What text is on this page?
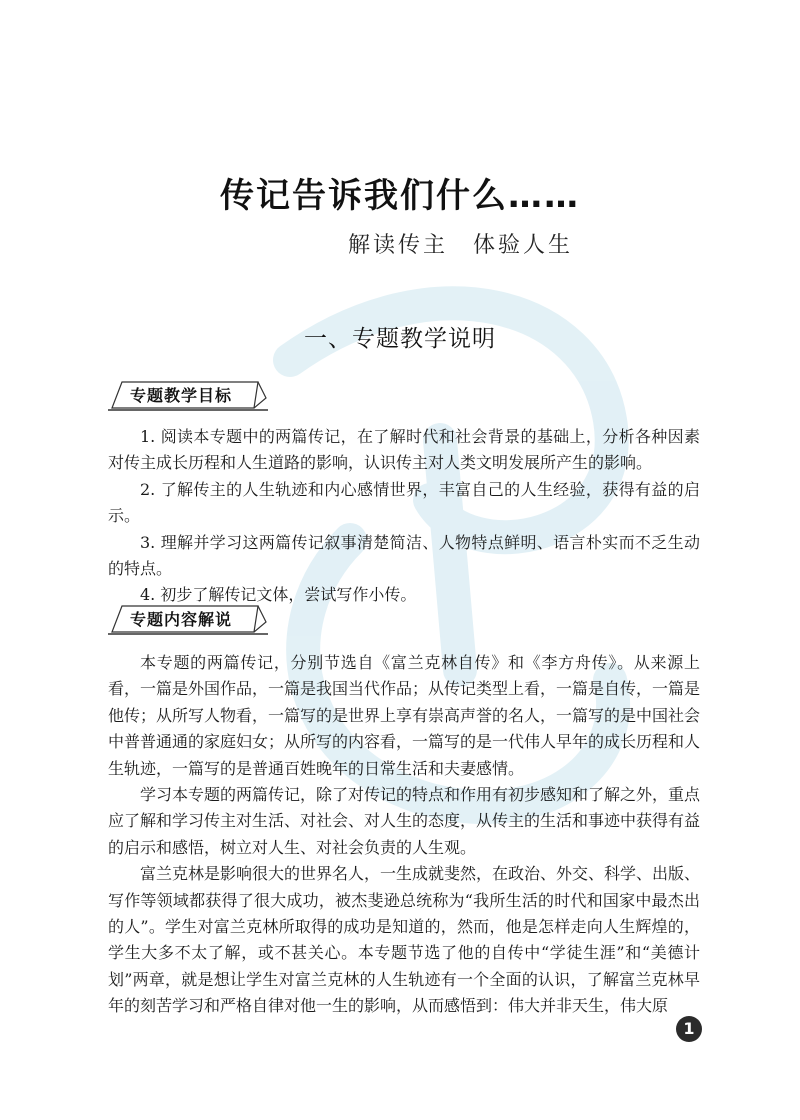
传记告诉我们什么……
解读传主　体验人生
一、专题教学说明
专题教学目标

1. 阅读本专题中的两篇传记，在了解时代和社会背景的基础上，分析各种因素对传主成长历程和人生道路的影响，认识传主对人类文明发展所产生的影响。

2. 了解传主的人生轨迹和内心感情世界，丰富自己的人生经验，获得有益的启示。

3. 理解并学习这两篇传记叙事清楚简洁、人物特点鲜明、语言朴实而不乏生动的特点。

4. 初步了解传记文体，尝试写作小传。

专题内容解说

本专题的两篇传记，分别节选自《富兰克林自传》和《李方舟传》。从来源上看，一篇是外国作品，一篇是我国当代作品；从传记类型上看，一篇是自传，一篇是他传；从所写人物看，一篇写的是世界上享有崇高声誉的名人，一篇写的是中国社会中普普通通的家庭妇女；从所写的内容看，一篇写的是一代伟人早年的成长历程和人生轨迹，一篇写的是普通百姓晚年的日常生活和夫妻感情。

学习本专题的两篇传记，除了对传记的特点和作用有初步感知和了解之外，重点应了解和学习传主对生活、对社会、对人生的态度，从传主的生活和事迹中获得有益的启示和感悟，树立对人生、对社会负责的人生观。

富兰克林是影响很大的世界名人，一生成就斐然，在政治、外交、科学、出版、写作等领域都获得了很大成功，被杰斐逊总统称为“我所生活的时代和国家中最杰出的人”。学生对富兰克林所取得的成功是知道的，然而，他是怎样走向人生辉煌的，学生大多不太了解，或不甚关心。本专题节选了他的自传中“学徒生涯”和“美德计划”两章，就是想让学生对富兰克林的人生轨迹有一个全面的认识，了解富兰克林早年的刻苦学习和严格自律对他一生的影响，从而感悟到：伟大并非天生，伟大原

1
